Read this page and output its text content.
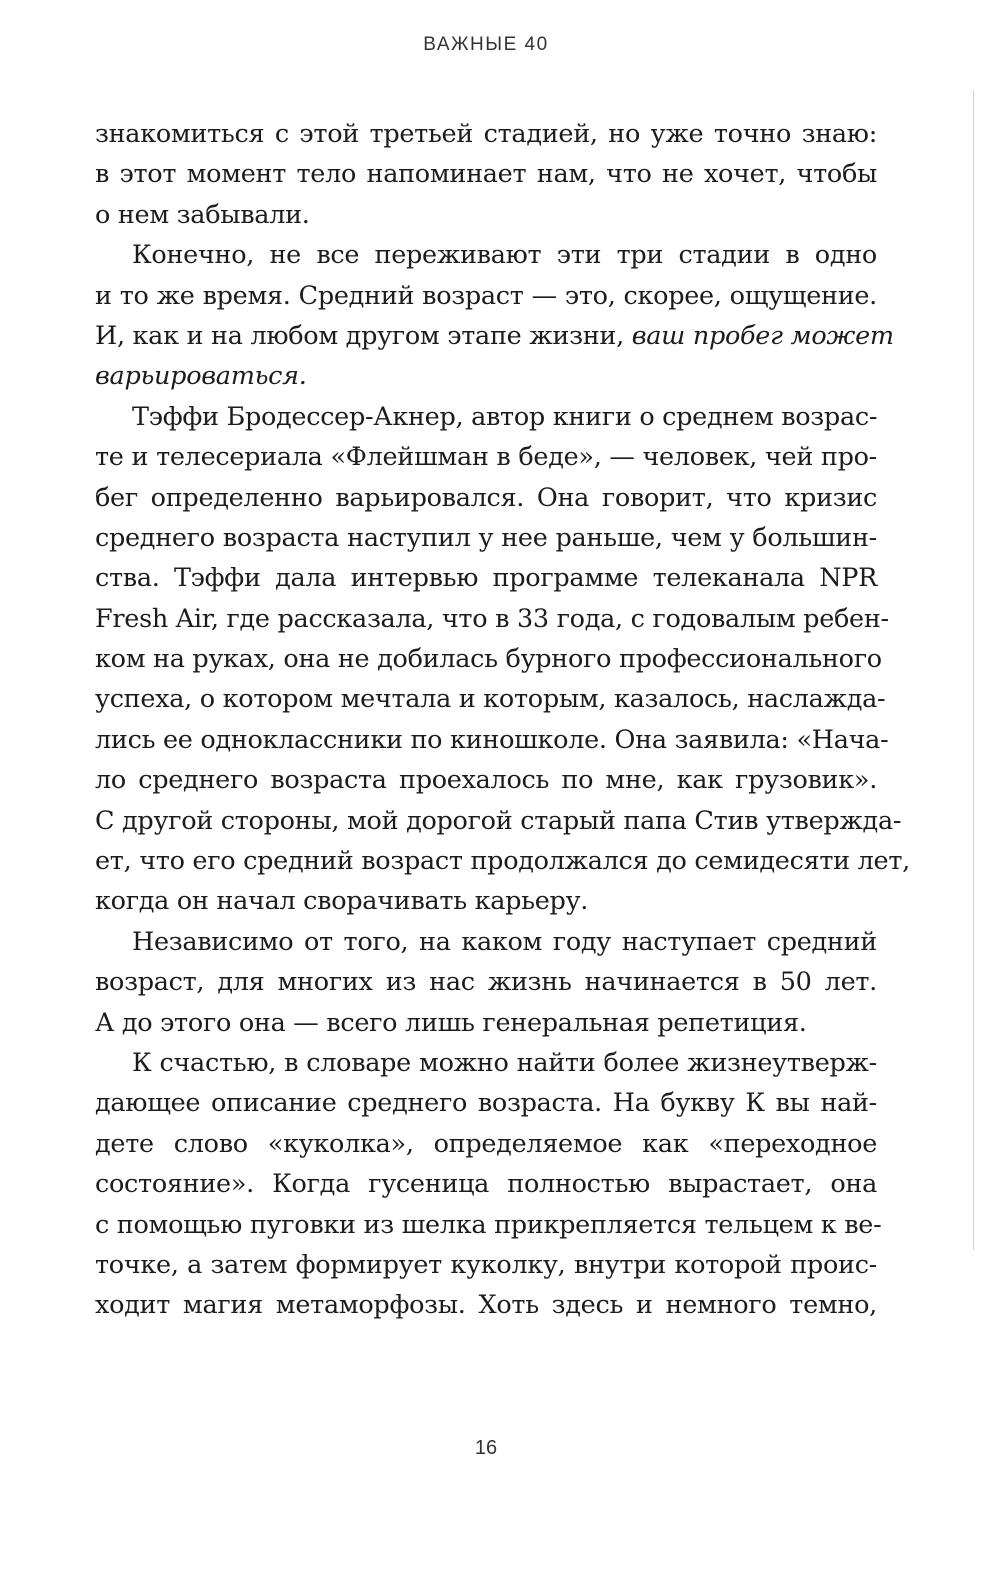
ВАЖНЫЕ 40

знакомиться с этой третьей стадией, но уже точно знаю:
в этот момент тело напоминает нам, что не хочет, чтобы
о нем забывали.

Конечно, не все переживают эти три стадии в одно
и то же время. Средний возраст — это, скорее, ощущение.
И, как и на любом другом этапе жизни, ваш пробег может
варьироваться.

Тэффи Бродессер-Акнер, автор книги о среднем возрас-
те и телесериала «Флейшман в беде», — человек, чей про-
бег определенно варьировался. Она говорит, что кризис
среднего возраста наступил у нее раньше, чем у большин-
ства. Тэффи дала интервью программе телеканала NPR
Fresh Air, где рассказала, что в 33 года, с годовалым ребен-
ком на руках, она не добилась бурного профессионального
успеха, о котором мечтала и которым, казалось, наслажда-
лись ее одноклассники по киношколе. Она заявила: «Нача-
ло среднего возраста проехалось по мне, как грузовик».
С другой стороны, мой дорогой старый папа Стив утвержда-
ет, что его средний возраст продолжался до семидесяти лет,
когда он начал сворачивать карьеру.

Независимо от того, на каком году наступает средний
возраст, для многих из нас жизнь начинается в 50 лет.
А до этого она — всего лишь генеральная репетиция.

К счастью, в словаре можно найти более жизнеутверж-
дающее описание среднего возраста. На букву К вы най-
дете слово «куколка», определяемое как «переходное
состояние». Когда гусеница полностью вырастает, она
с помощью пуговки из шелка прикрепляется тельцем к ве-
точке, а затем формирует куколку, внутри которой проис-
ходит магия метаморфозы. Хоть здесь и немного темно,

16
